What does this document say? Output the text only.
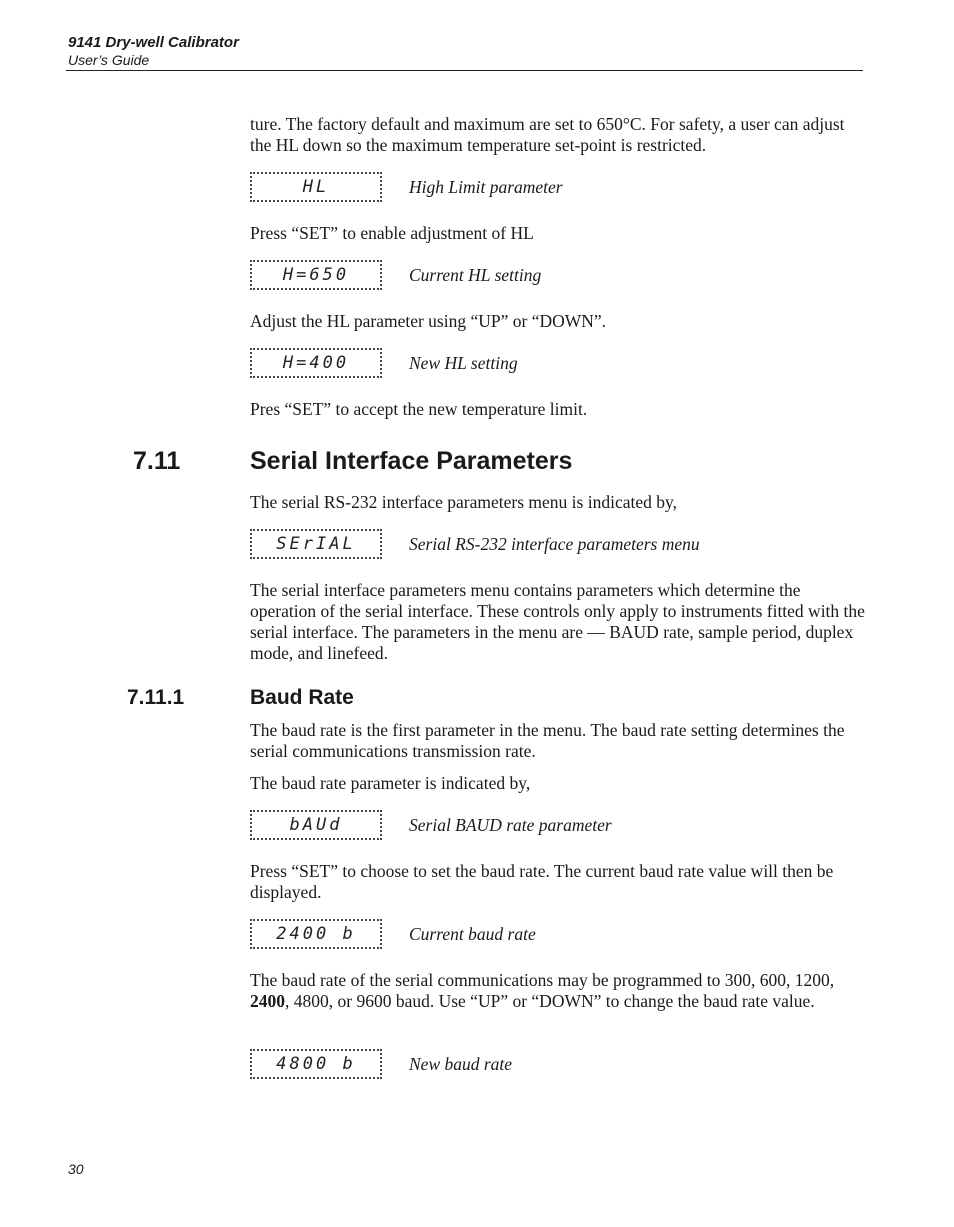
9141 Dry-well Calibrator
User’s Guide

ture. The factory default and maximum are set to 650°C. For safety, a user can adjust the HL down so the maximum temperature set-point is restricted.

HL	High Limit parameter

Press “SET” to enable adjustment of HL

H=650	Current HL setting

Adjust the HL parameter using “UP” or “DOWN”.

H=400	New HL setting

Pres “SET” to accept the new temperature limit.

7.11	Serial Interface Parameters

The serial RS-232 interface parameters menu is indicated by,

SErIAL	Serial RS-232 interface parameters menu

The serial interface parameters menu contains parameters which determine the operation of the serial interface. These controls only apply to instruments fitted with the serial interface. The parameters in the menu are — BAUD rate, sample period, duplex mode, and linefeed.

7.11.1	Baud Rate

The baud rate is the first parameter in the menu. The baud rate setting determines the serial communications transmission rate.

The baud rate parameter is indicated by,

bAUd	Serial BAUD rate parameter

Press “SET” to choose to set the baud rate. The current baud rate value will then be displayed.

2400 b	Current baud rate

The baud rate of the serial communications may be programmed to 300, 600, 1200, 2400, 4800, or 9600 baud. Use “UP” or “DOWN” to change the baud rate value.

4800 b	New baud rate
30
